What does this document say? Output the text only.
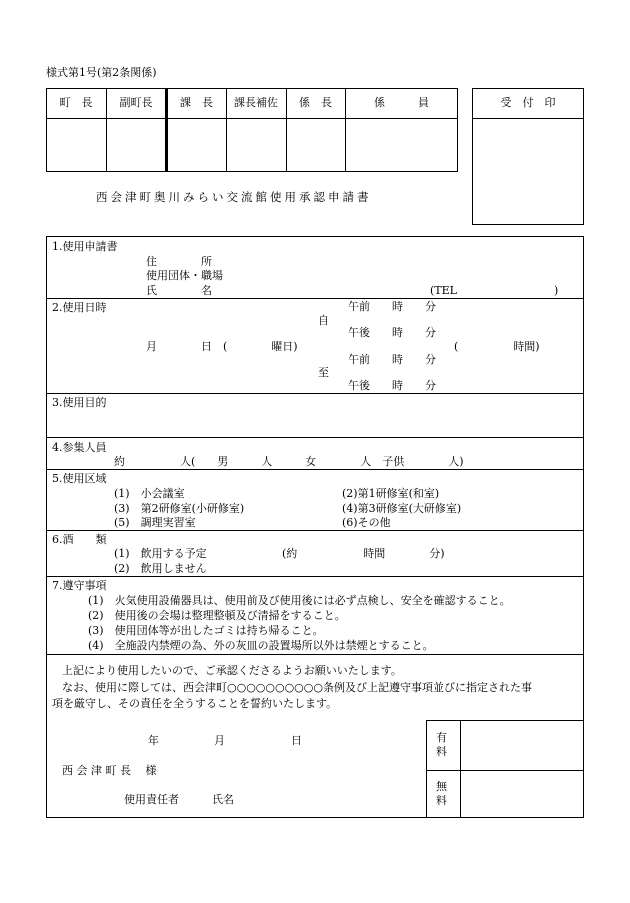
様式第1号(第2条関係)
町　長	副町長	課　長	課長補佐	係　長	係　　　員	受　付　印
西会津町奥川みらい交流館使用承認申請書
1.使用申請書
住　　　　所
使用団体・職場
氏　　　　名	(TEL	)
2.使用日時	午前　　時　　分
自
午後　　時　　分
月　　　　日　(　　　　曜日)	(　　　　　時間)
午前　　時　　分
至
午後　　時　　分
3.使用目的
4.参集人員
約　　　　　人(　　男　　　人　　　女　　　　人　子供　　　　人)
5.使用区域
(1)　小会議室	(2)第1研修室(和室)
(3)　第2研修室(小研修室)	(4)第3研修室(大研修室)
(5)　調理実習室	(6)その他
6.酒　　類
(1)　飲用する予定	(約　　　　　　時間　　　　分)
(2)　飲用しません
7.遵守事項
(1)　火気使用設備器具は、使用前及び使用後には必ず点検し、安全を確認すること。
(2)　使用後の会場は整理整頓及び清掃をすること。
(3)　使用団体等が出したゴミは持ち帰ること。
(4)　全施設内禁煙の為、外の灰皿の設置場所以外は禁煙とすること。
上記により使用したいので、ご承認くださるようお願いいたします。
なお、使用に際しては、西会津町○○○○○○○○○○条例及び上記遵守事項並びに指定された事
項を厳守し、その責任を全うすることを誓約いたします。
年　　　　　月　　　　　　日
西 会 津 町 長　 様
使用責任者　　　氏名
有料
無料
